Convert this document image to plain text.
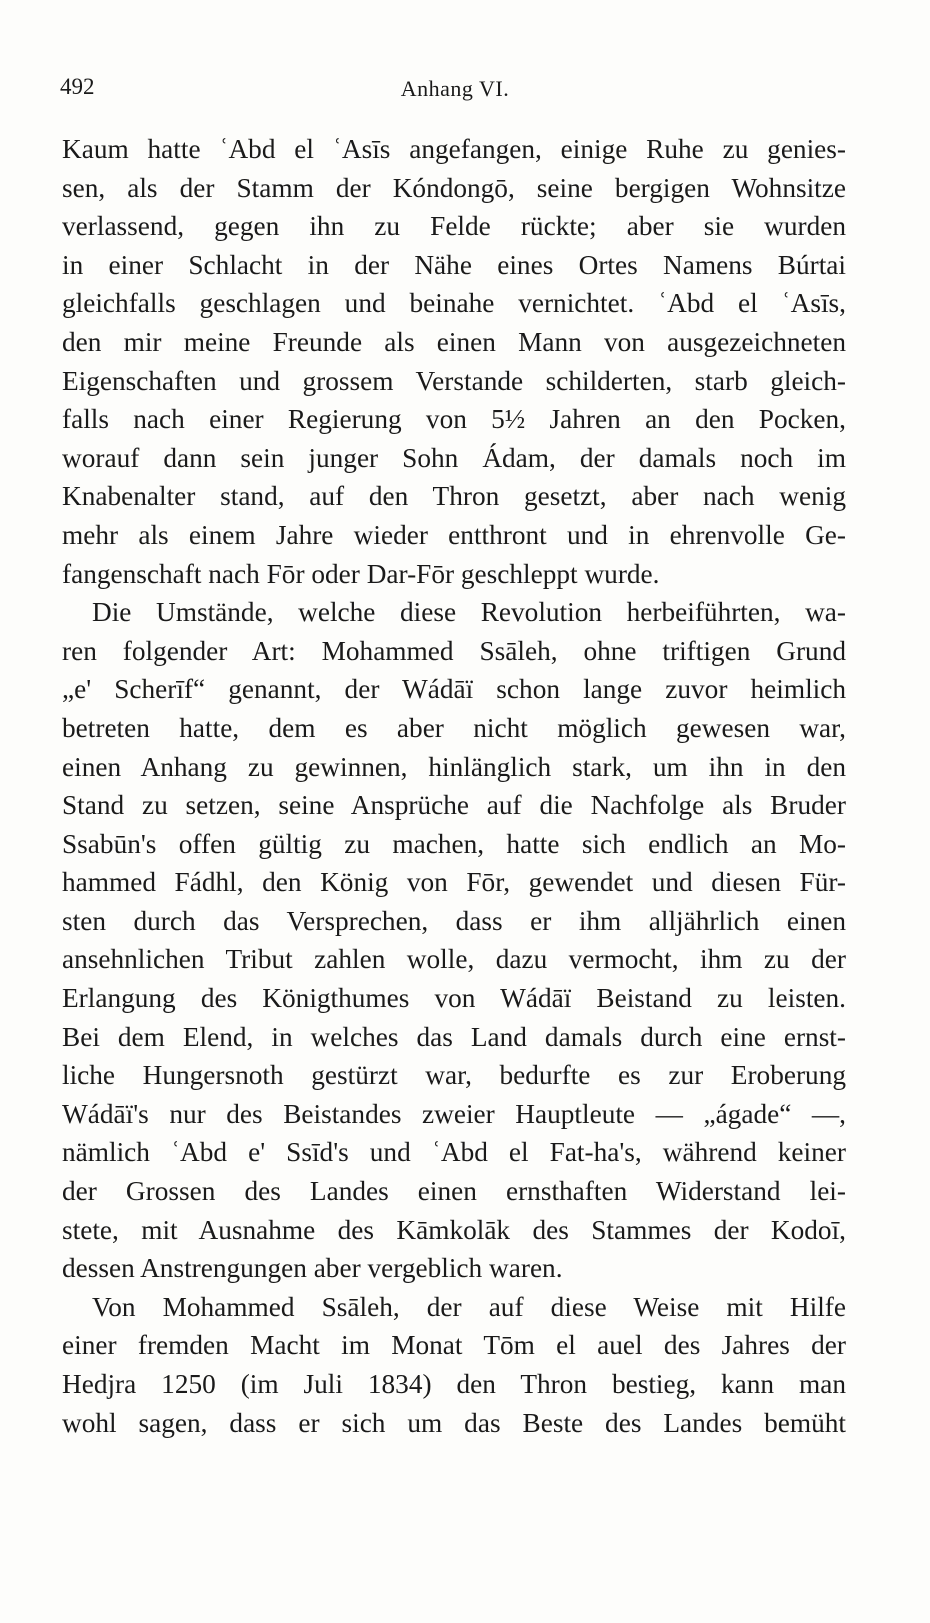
492	Anhang VI.
Kaum hatte ʿAbd el ʿAsīs angefangen, einige Ruhe zu genies-
sen, als der Stamm der Kóndongō, seine bergigen Wohnsitze
verlassend, gegen ihn zu Felde rückte; aber sie wurden
in einer Schlacht in der Nähe eines Ortes Namens Búrtai
gleichfalls geschlagen und beinahe vernichtet. ʿAbd el ʿAsīs,
den mir meine Freunde als einen Mann von ausgezeichneten
Eigenschaften und grossem Verstande schilderten, starb gleich-
falls nach einer Regierung von 5½ Jahren an den Pocken,
worauf dann sein junger Sohn Ádam, der damals noch im
Knabenalter stand, auf den Thron gesetzt, aber nach wenig
mehr als einem Jahre wieder entthront und in ehrenvolle Ge-
fangenschaft nach Fōr oder Dar-Fōr geschleppt wurde.
Die Umstände, welche diese Revolution herbeiführten, wa-
ren folgender Art: Mohammed Ssāleh, ohne triftigen Grund
„e' Scherīf“ genannt, der Wádāï schon lange zuvor heimlich
betreten hatte, dem es aber nicht möglich gewesen war,
einen Anhang zu gewinnen, hinlänglich stark, um ihn in den
Stand zu setzen, seine Ansprüche auf die Nachfolge als Bruder
Ssabūn's offen gültig zu machen, hatte sich endlich an Mo-
hammed Fádhl, den König von Fōr, gewendet und diesen Für-
sten durch das Versprechen, dass er ihm alljährlich einen
ansehnlichen Tribut zahlen wolle, dazu vermocht, ihm zu der
Erlangung des Königthumes von Wádāï Beistand zu leisten.
Bei dem Elend, in welches das Land damals durch eine ernst-
liche Hungersnoth gestürzt war, bedurfte es zur Eroberung
Wádāï's nur des Beistandes zweier Hauptleute — „ágade“ —,
nämlich ʿAbd e' Ssīd's und ʿAbd el Fat-ha's, während keiner
der Grossen des Landes einen ernsthaften Widerstand lei-
stete, mit Ausnahme des Kāmkolāk des Stammes der Kodoī,
dessen Anstrengungen aber vergeblich waren.
Von Mohammed Ssāleh, der auf diese Weise mit Hilfe
einer fremden Macht im Monat Tōm el auel des Jahres der
Hedjra 1250 (im Juli 1834) den Thron bestieg, kann man
wohl sagen, dass er sich um das Beste des Landes bemüht
